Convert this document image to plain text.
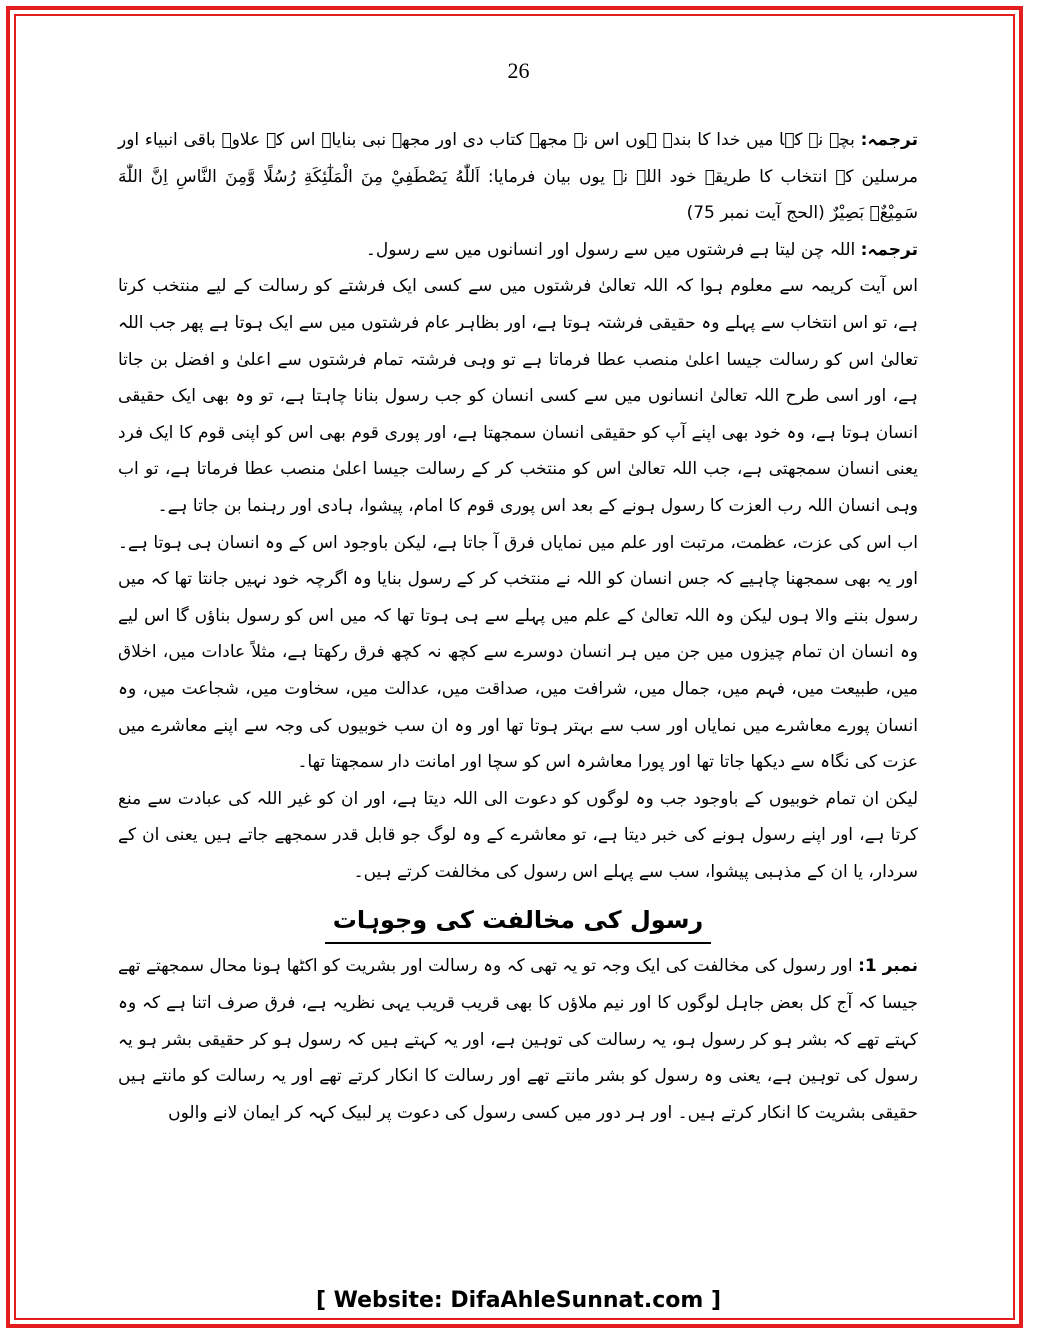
26

ترجمہ: بچے نے کہا میں خدا کا بندہ ہوں اس نے مجھے کتاب دی اور مجھے نبی بنایا۔ اس کے علاوہ باقی انبیاء اور مرسلین کے انتخاب کا طریقہ خود اللہ نے یوں بیان فرمایا: اَللّٰهُ يَصْطَفِيْ مِنَ الْمَلٰٓئِكَةِ رُسُلًا وَّمِنَ النَّاسِ اِنَّ اللّٰهَ سَمِيْعٌۢ بَصِيْرٌ (الحج آیت نمبر 75)

ترجمہ: اللہ چن لیتا ہے فرشتوں میں سے رسول اور انسانوں میں سے رسول۔

اس آیت کریمہ سے معلوم ہوا کہ اللہ تعالیٰ فرشتوں میں سے کسی ایک فرشتے کو رسالت کے لیے منتخب کرتا ہے، تو اس انتخاب سے پہلے وہ حقیقی فرشتہ ہوتا ہے، اور بظاہر عام فرشتوں میں سے ایک ہوتا ہے پھر جب اللہ تعالیٰ اس کو رسالت جیسا اعلیٰ منصب عطا فرماتا ہے تو وہی فرشتہ تمام فرشتوں سے اعلیٰ و افضل بن جاتا ہے، اور اسی طرح اللہ تعالیٰ انسانوں میں سے کسی انسان کو جب رسول بنانا چاہتا ہے، تو وہ بھی ایک حقیقی انسان ہوتا ہے، وہ خود بھی اپنے آپ کو حقیقی انسان سمجھتا ہے، اور پوری قوم بھی اس کو اپنی قوم کا ایک فرد یعنی انسان سمجھتی ہے، جب اللہ تعالیٰ اس کو منتخب کر کے رسالت جیسا اعلیٰ منصب عطا فرماتا ہے، تو اب وہی انسان اللہ رب العزت کا رسول ہونے کے بعد اس پوری قوم کا امام، پیشوا، ہادی اور رہنما بن جاتا ہے۔

اب اس کی عزت، عظمت، مرتبت اور علم میں نمایاں فرق آ جاتا ہے، لیکن باوجود اس کے وہ انسان ہی ہوتا ہے۔ اور یہ بھی سمجھنا چاہیے کہ جس انسان کو اللہ نے منتخب کر کے رسول بنایا وہ اگرچہ خود نہیں جانتا تھا کہ میں رسول بننے والا ہوں لیکن وہ اللہ تعالیٰ کے علم میں پہلے سے ہی ہوتا تھا کہ میں اس کو رسول بناؤں گا اس لیے وہ انسان ان تمام چیزوں میں جن میں ہر انسان دوسرے سے کچھ نہ کچھ فرق رکھتا ہے، مثلاً عادات میں، اخلاق میں، طبیعت میں، فہم میں، جمال میں، شرافت میں، صداقت میں، عدالت میں، سخاوت میں، شجاعت میں، وہ انسان پورے معاشرے میں نمایاں اور سب سے بہتر ہوتا تھا اور وہ ان سب خوبیوں کی وجہ سے اپنے معاشرے میں عزت کی نگاہ سے دیکھا جاتا تھا اور پورا معاشرہ اس کو سچا اور امانت دار سمجھتا تھا۔

لیکن ان تمام خوبیوں کے باوجود جب وہ لوگوں کو دعوت الی اللہ دیتا ہے، اور ان کو غیر اللہ کی عبادت سے منع کرتا ہے، اور اپنے رسول ہونے کی خبر دیتا ہے، تو معاشرے کے وہ لوگ جو قابل قدر سمجھے جاتے ہیں یعنی ان کے سردار، یا ان کے مذہبی پیشوا، سب سے پہلے اس رسول کی مخالفت کرتے ہیں۔

رسول کی مخالفت کی وجوہات

نمبر 1: اور رسول کی مخالفت کی ایک وجہ تو یہ تھی کہ وہ رسالت اور بشریت کو اکٹھا ہونا محال سمجھتے تھے جیسا کہ آج کل بعض جاہل لوگوں کا اور نیم ملاؤں کا بھی قریب قریب یہی نظریہ ہے، فرق صرف اتنا ہے کہ وہ کہتے تھے کہ بشر ہو کر رسول ہو، یہ رسالت کی توہین ہے، اور یہ کہتے ہیں کہ رسول ہو کر حقیقی بشر ہو یہ رسول کی توہین ہے، یعنی وہ رسول کو بشر مانتے تھے اور رسالت کا انکار کرتے تھے اور یہ رسالت کو مانتے ہیں حقیقی بشریت کا انکار کرتے ہیں۔ اور ہر دور میں کسی رسول کی دعوت پر لبیک کہہ کر ایمان لانے والوں

[ Website: DifaAhleSunnat.com ]
